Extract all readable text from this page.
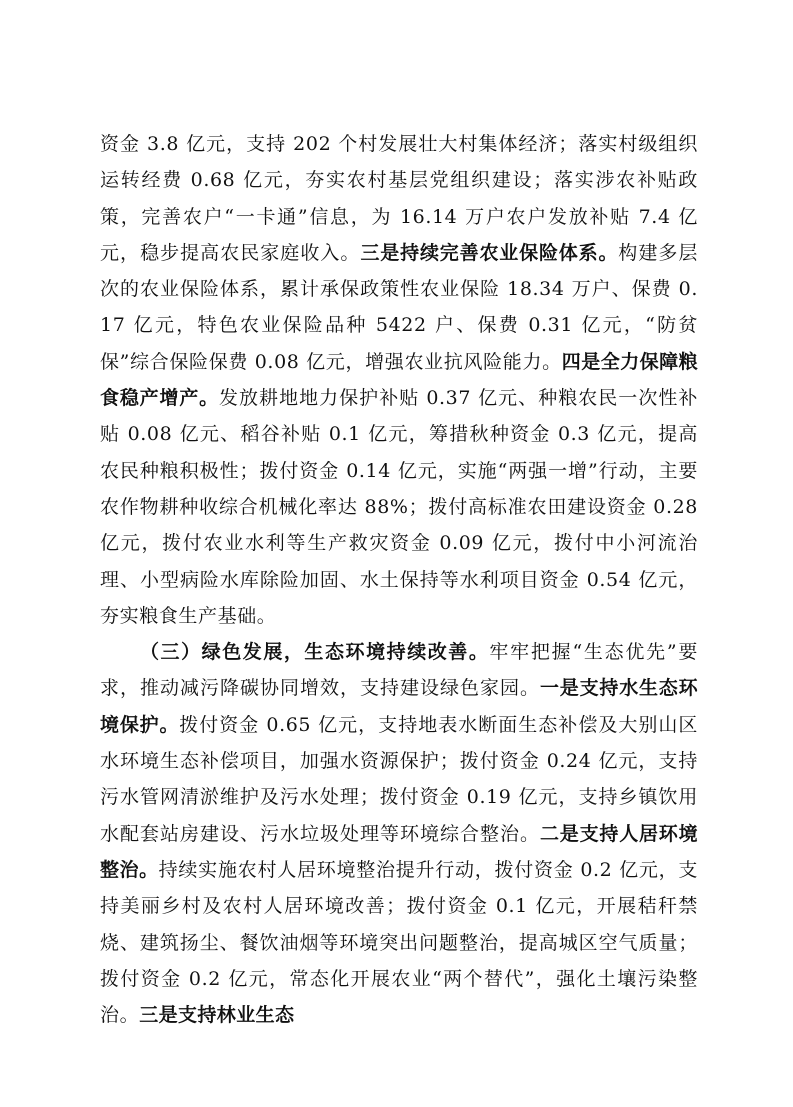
资金 3.8 亿元，支持 202 个村发展壮大村集体经济；落实村级组织运转经费 0.68 亿元，夯实农村基层党组织建设；落实涉农补贴政策，完善农户“一卡通”信息，为 16.14 万户农户发放补贴 7.4 亿元，稳步提高农民家庭收入。三是持续完善农业保险体系。构建多层次的农业保险体系，累计承保政策性农业保险 18.34 万户、保费 0.17 亿元，特色农业保险品种 5422 户、保费 0.31 亿元，“防贫保”综合保险保费 0.08 亿元，增强农业抗风险能力。四是全力保障粮食稳产增产。发放耕地地力保护补贴 0.37 亿元、种粮农民一次性补贴 0.08 亿元、稻谷补贴 0.1 亿元，筹措秋种资金 0.3 亿元，提高农民种粮积极性；拨付资金 0.14 亿元，实施“两强一增”行动，主要农作物耕种收综合机械化率达 88%；拨付高标准农田建设资金 0.28 亿元，拨付农业水利等生产救灾资金 0.09 亿元，拨付中小河流治理、小型病险水库除险加固、水土保持等水利项目资金 0.54 亿元，夯实粮食生产基础。

（三）绿色发展，生态环境持续改善。牢牢把握“生态优先”要求，推动减污降碳协同增效，支持建设绿色家园。一是支持水生态环境保护。拨付资金 0.65 亿元，支持地表水断面生态补偿及大别山区水环境生态补偿项目，加强水资源保护；拨付资金 0.24 亿元，支持污水管网清淤维护及污水处理；拨付资金 0.19 亿元，支持乡镇饮用水配套站房建设、污水垃圾处理等环境综合整治。二是支持人居环境整治。持续实施农村人居环境整治提升行动，拨付资金 0.2 亿元，支持美丽乡村及农村人居环境改善；拨付资金 0.1 亿元，开展秸秆禁烧、建筑扬尘、餐饮油烟等环境突出问题整治，提高城区空气质量；拨付资金 0.2 亿元，常态化开展农业“两个替代”，强化土壤污染整治。三是支持林业生态
